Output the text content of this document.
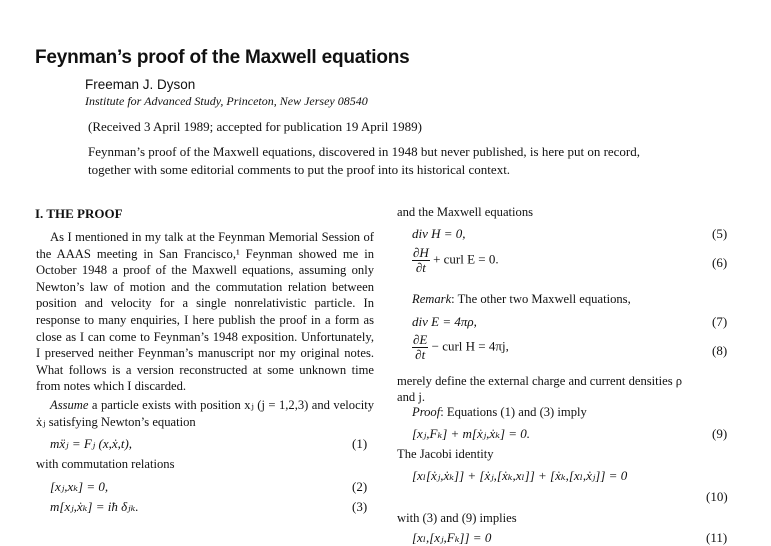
Feynman’s proof of the Maxwell equations
Freeman J. Dyson
Institute for Advanced Study, Princeton, New Jersey 08540
(Received 3 April 1989; accepted for publication 19 April 1989)
Feynman’s proof of the Maxwell equations, discovered in 1948 but never published, is here put on record, together with some editorial comments to put the proof into its historical context.
I. THE PROOF
As I mentioned in my talk at the Feynman Memorial Session of the AAAS meeting in San Francisco,¹ Feynman showed me in October 1948 a proof of the Maxwell equations, assuming only Newton’s law of motion and the commutation relation between position and velocity for a single nonrelativistic particle. In response to many enquiries, I here publish the proof in a form as close as I can come to Feynman’s 1948 exposition. Unfortunately, I preserved neither Feynman’s manuscript nor my original notes. What follows is a version reconstructed at some unknown time from notes which I discarded.
Assume a particle exists with position xⱼ (j = 1,2,3) and velocity ẋⱼ satisfying Newton’s equation
mẍⱼ = Fⱼ (x,ẋ,t),	(1)
with commutation relations
[xⱼ,xₖ] = 0,	(2)
m[xⱼ,ẋₖ] = iħ δⱼₖ.	(3)
and the Maxwell equations
div H = 0,	(5)
$\frac{\partial H}{\partial t}$ + curl E = 0.	(6)
Remark: The other two Maxwell equations,
div E = 4πρ,	(7)
$\frac{\partial E}{\partial t}$ − curl H = 4πj,	(8)
merely define the external charge and current densities ρ
and j.
Proof: Equations (1) and (3) imply
[xⱼ,Fₖ] + m[ẋⱼ,ẋₖ] = 0.	(9)
The Jacobi identity
[xₗ[ẋⱼ,ẋₖ]] + [ẋⱼ,[ẋₖ,xₗ]] + [ẋₖ,[xₗ,ẋⱼ]] = 0
(10)
with (3) and (9) implies
[xₗ,[xⱼ,Fₖ]] = 0	(11)
